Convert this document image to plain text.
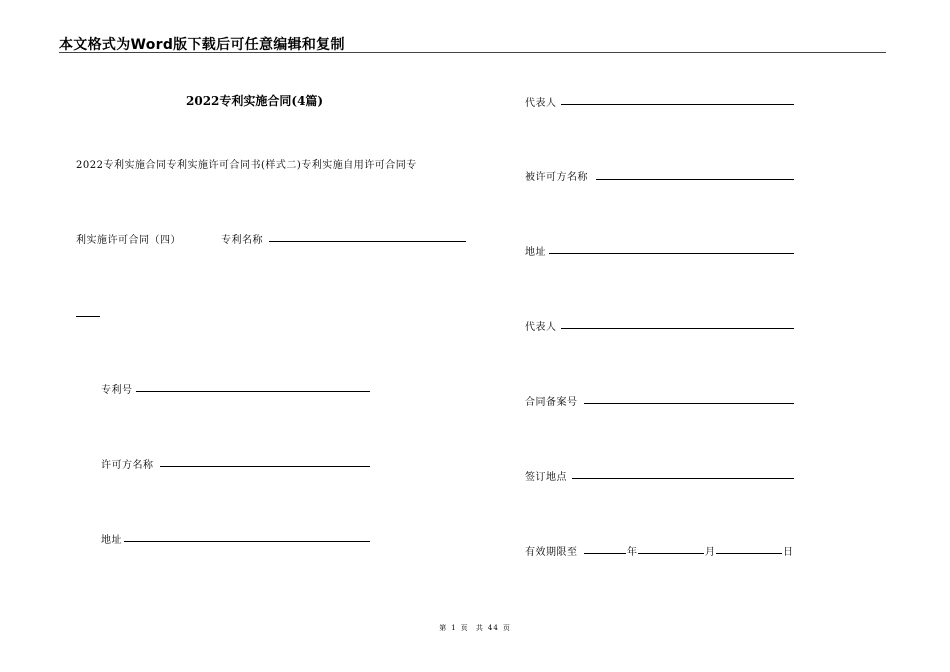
本文格式为Word版下载后可任意编辑和复制
2022专利实施合同(4篇)
2022专利实施合同专利实施许可合同书(样式二)专利实施自用许可合同专
利实施许可合同（四）	专利名称
专利号
许可方名称
地址
代表人
被许可方名称
地址
代表人
合同备案号
签订地点
有效期限至	年	月	日
第 1 页 共 44 页
